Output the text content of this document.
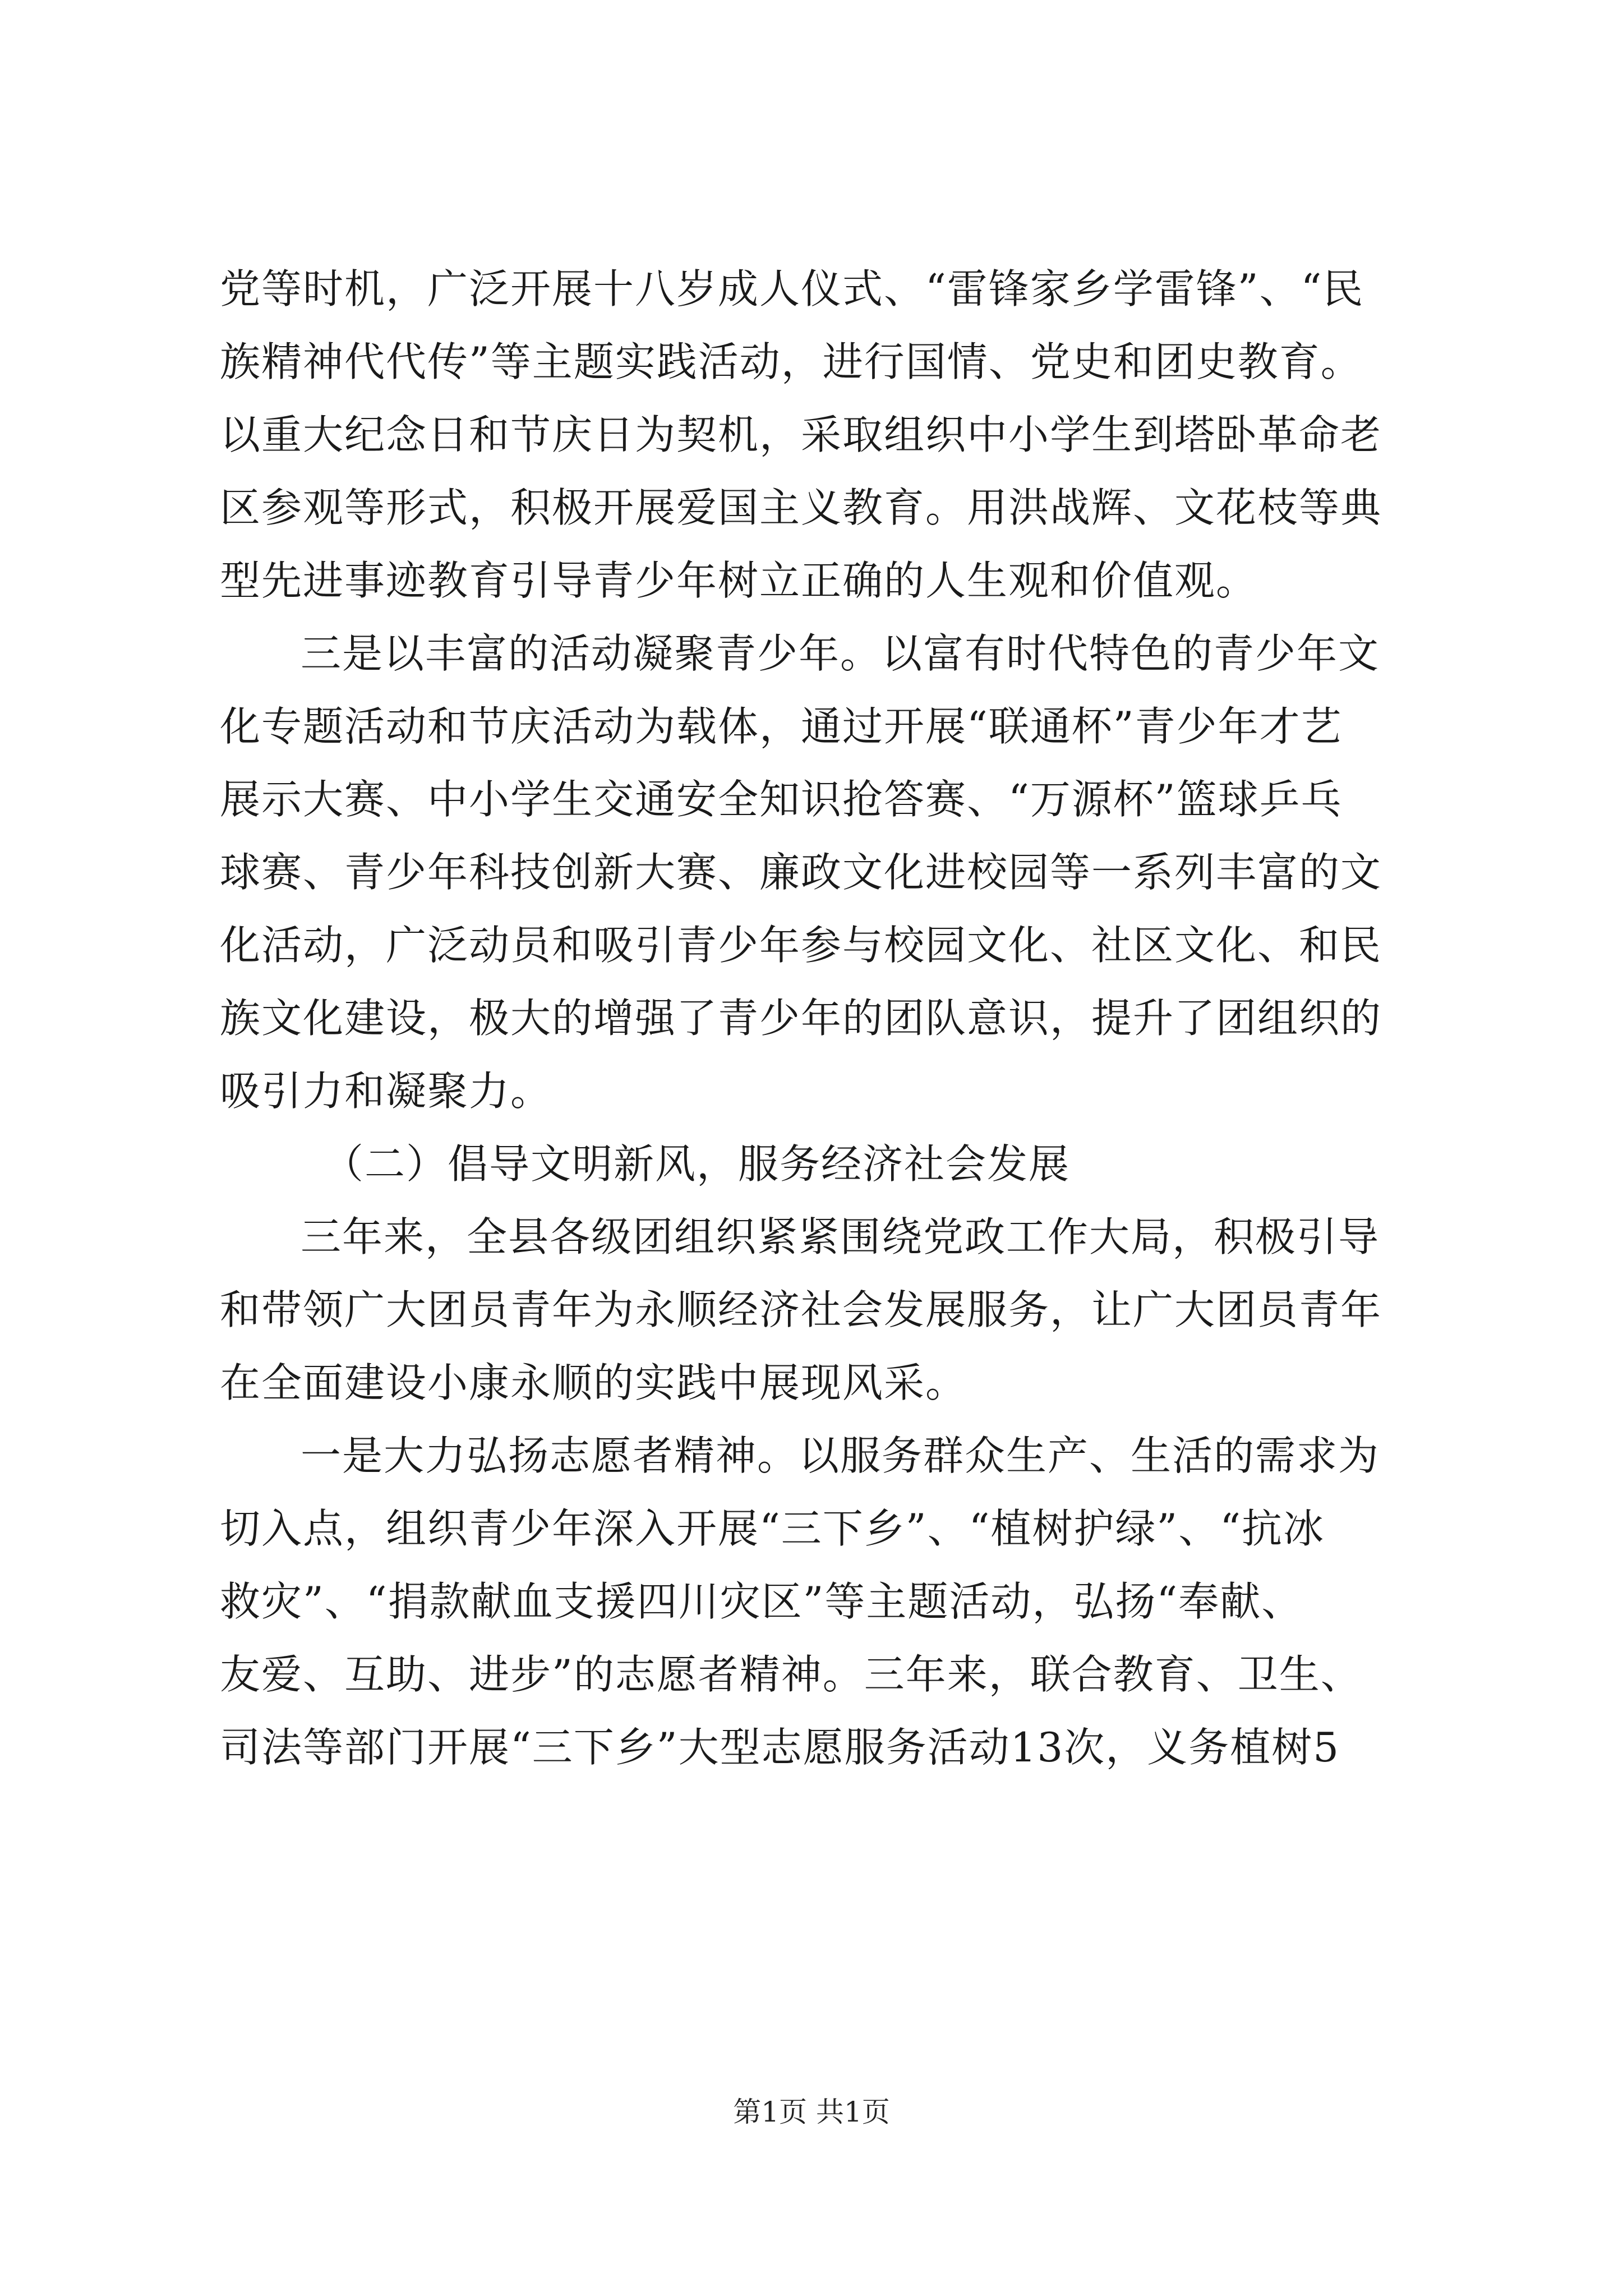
党等时机，广泛开展十八岁成人仪式、“雷锋家乡学雷锋”、“民
族精神代代传”等主题实践活动，进行国情、党史和团史教育。
以重大纪念日和节庆日为契机，采取组织中小学生到塔卧革命老
区参观等形式，积极开展爱国主义教育。用洪战辉、文花枝等典
型先进事迹教育引导青少年树立正确的人生观和价值观。
三是以丰富的活动凝聚青少年。以富有时代特色的青少年文
化专题活动和节庆活动为载体，通过开展“联通杯”青少年才艺
展示大赛、中小学生交通安全知识抢答赛、“万源杯”篮球乒乓
球赛、青少年科技创新大赛、廉政文化进校园等一系列丰富的文
化活动，广泛动员和吸引青少年参与校园文化、社区文化、和民
族文化建设，极大的增强了青少年的团队意识，提升了团组织的
吸引力和凝聚力。
（二）倡导文明新风，服务经济社会发展
三年来，全县各级团组织紧紧围绕党政工作大局，积极引导
和带领广大团员青年为永顺经济社会发展服务，让广大团员青年
在全面建设小康永顺的实践中展现风采。
一是大力弘扬志愿者精神。以服务群众生产、生活的需求为
切入点，组织青少年深入开展“三下乡”、“植树护绿”、“抗冰
救灾”、“捐款献血支援四川灾区”等主题活动，弘扬“奉献、
友爱、互助、进步”的志愿者精神。三年来，联合教育、卫生、
司法等部门开展“三下乡”大型志愿服务活动13次，义务植树5
第1页 共1页
